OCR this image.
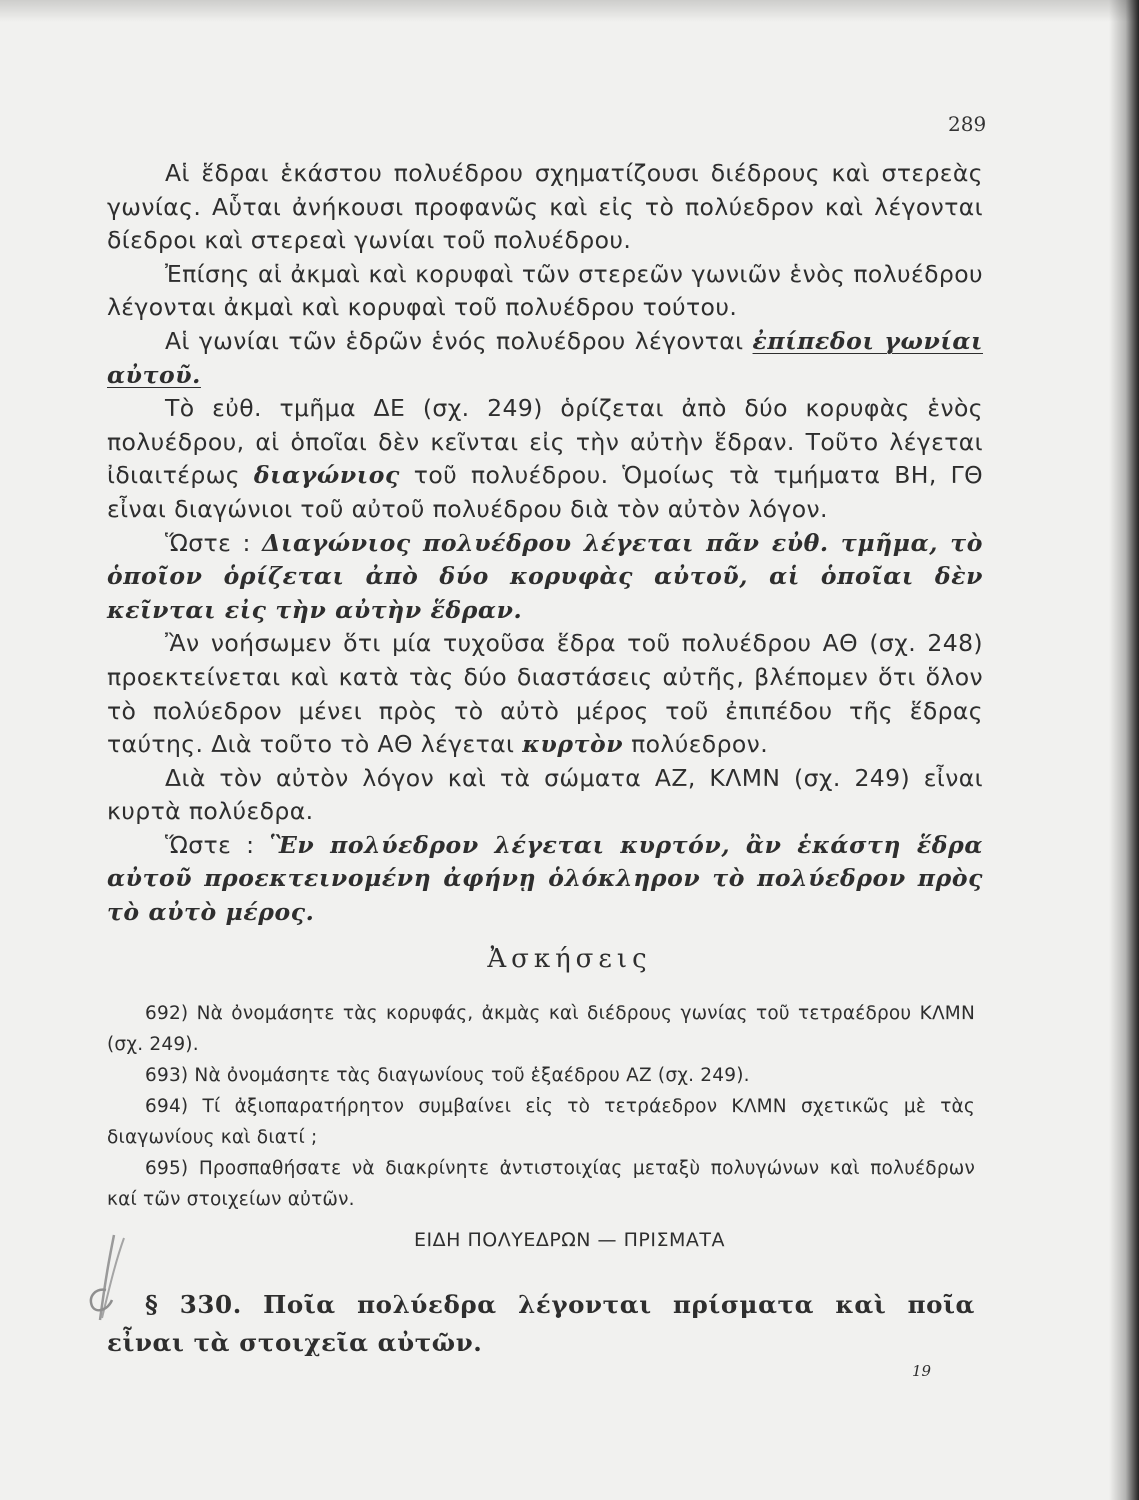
289

Αἱ ἕδραι ἑκάστου πολυέδρου σχηματίζουσι διέδρους καὶ στερεὰς γωνίας. Αὗται ἀνήκουσι προφανῶς καὶ εἰς τὸ πολύεδρον καὶ λέγονται δίεδροι καὶ στερεαὶ γωνίαι τοῦ πολυέδρου.

Ἐπίσης αἱ ἀκμαὶ καὶ κορυφαὶ τῶν στερεῶν γωνιῶν ἑνὸς πολυέδρου λέγονται ἀκμαὶ καὶ κορυφαὶ τοῦ πολυέδρου τούτου.

Αἱ γωνίαι τῶν ἑδρῶν ἑνός πολυέδρου λέγονται ἐπίπεδοι γωνίαι αὐτοῦ.

Τὸ εὐθ. τμῆμα ΔΕ (σχ. 249) ὁρίζεται ἀπὸ δύο κορυφὰς ἑνὸς πολυέδρου, αἱ ὁποῖαι δὲν κεῖνται εἰς τὴν αὐτὴν ἕδραν. Τοῦτο λέγεται ἰδιαιτέρως διαγώνιος τοῦ πολυέδρου. Ὁμοίως τὰ τμήματα ΒΗ, ΓΘ εἶναι διαγώνιοι τοῦ αὐτοῦ πολυέδρου διὰ τὸν αὐτὸν λόγον.

Ὥστε : Διαγώνιος πολυέδρου λέγεται πᾶν εὐθ. τμῆμα, τὸ ὁποῖον ὁρίζεται ἀπὸ δύο κορυφὰς αὐτοῦ, αἱ ὁποῖαι δὲν κεῖνται εἰς τὴν αὐτὴν ἕδραν.

Ἂν νοήσωμεν ὅτι μία τυχοῦσα ἕδρα τοῦ πολυέδρου ΑΘ (σχ. 248) προεκτείνεται καὶ κατὰ τὰς δύο διαστάσεις αὐτῆς, βλέπομεν ὅτι ὅλον τὸ πολύεδρον μένει πρὸς τὸ αὐτὸ μέρος τοῦ ἐπιπέδου τῆς ἕδρας ταύτης. Διὰ τοῦτο τὸ ΑΘ λέγεται κυρτὸν πολύεδρον.

Διὰ τὸν αὐτὸν λόγον καὶ τὰ σώματα ΑΖ, ΚΛΜΝ (σχ. 249) εἶναι κυρτὰ πολύεδρα.

Ὥστε : Ἓν πολύεδρον λέγεται κυρτόν, ἂν ἑκάστη ἕδρα αὐτοῦ προεκτεινομένη ἀφήνῃ ὁλόκληρον τὸ πολύεδρον πρὸς τὸ αὐτὸ μέρος.

Ἀσκήσεις

692) Νὰ ὀνομάσητε τὰς κορυφάς, ἀκμὰς καὶ διέδρους γωνίας τοῦ τετραέδρου ΚΛΜΝ (σχ. 249).

693) Νὰ ὀνομάσητε τὰς διαγωνίους τοῦ ἑξαέδρου ΑΖ (σχ. 249).

694) Τί ἀξιοπαρατήρητον συμβαίνει εἰς τὸ τετράεδρον ΚΛΜΝ σχετικῶς μὲ τὰς διαγωνίους καὶ διατί ;

695) Προσπαθήσατε νὰ διακρίνητε ἀντιστοιχίας μεταξὺ πολυγώνων καὶ πολυέδρων καί τῶν στοιχείων αὐτῶν.

ΕΙΔΗ ΠΟΛΥΕΔΡΩΝ — ΠΡΙΣΜΑΤΑ
§ 330. Ποῖα πολύεδρα λέγονται πρίσματα καὶ ποῖα εἶναι τὰ στοιχεῖα αὐτῶν.
19
